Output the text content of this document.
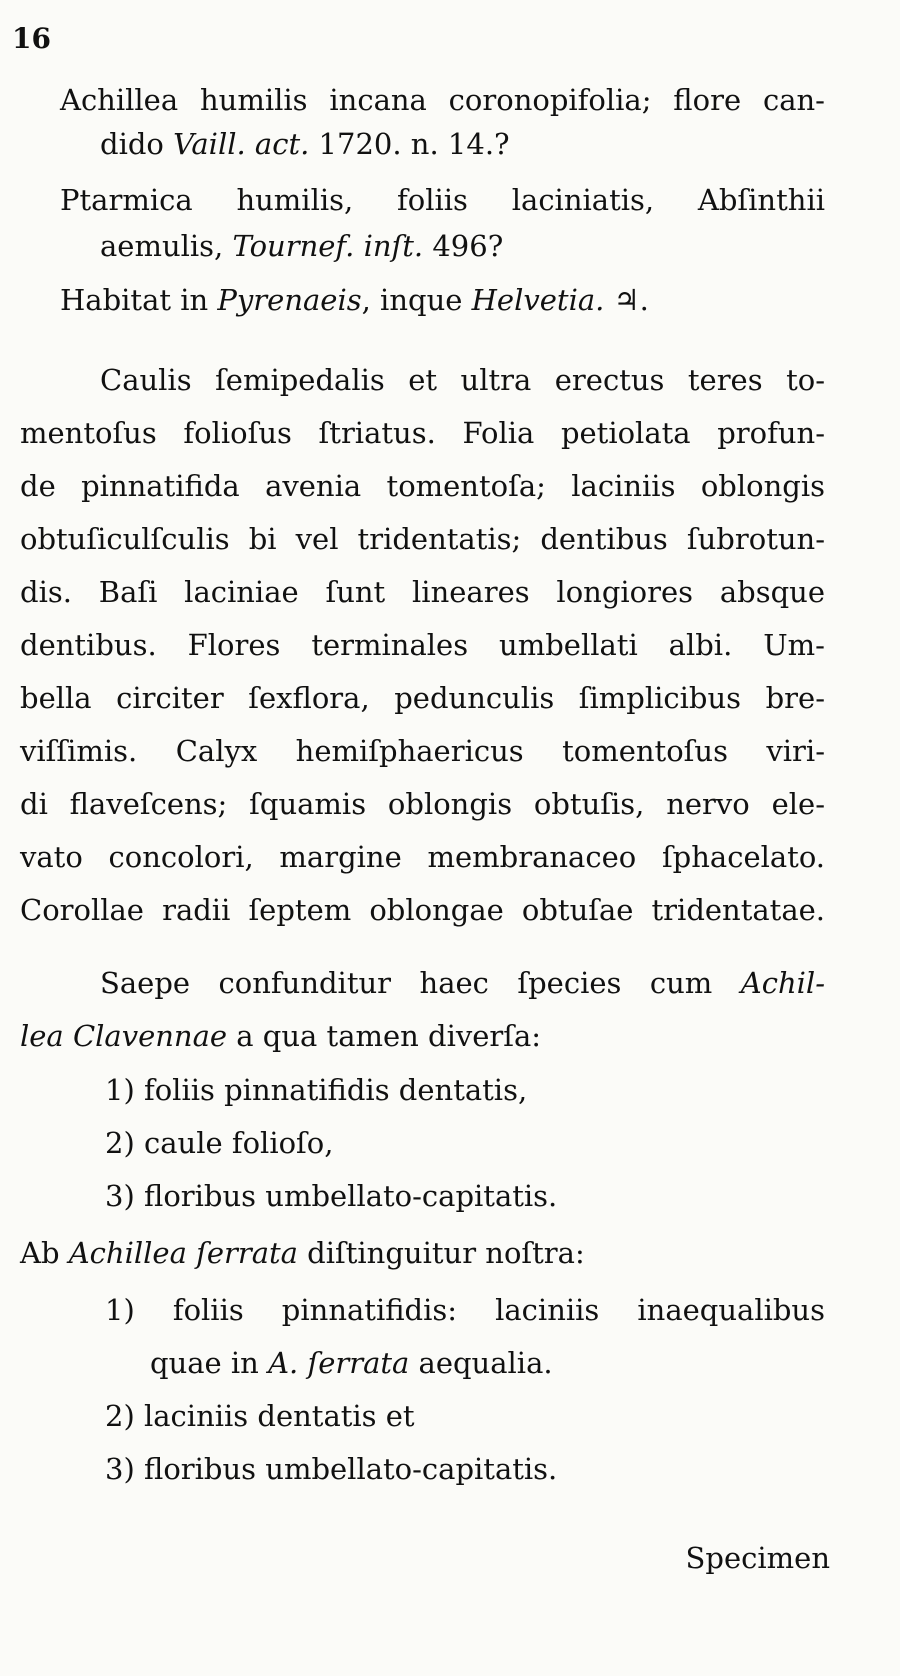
16
Achillea humilis incana coronopifolia; flore can-
dido Vaill. act. 1720. n. 14.?
Ptarmica humilis, foliis laciniatis, Abſinthii
aemulis, Tournef. inſt. 496?
Habitat in Pyrenaeis, inque Helvetia. ♃.
Caulis ſemipedalis et ultra erectus teres to-
mentoſus folioſus ſtriatus. Folia petiolata profun-
de pinnatifida avenia tomentoſa; laciniis oblongis
obtuſiculſculis bi vel tridentatis; dentibus ſubrotun-
dis. Baſi laciniae ſunt lineares longiores absque
dentibus. Flores terminales umbellati albi. Um-
bella circiter ſexflora, pedunculis ſimplicibus bre-
viſſimis. Calyx hemiſphaericus tomentoſus viri-
di flaveſcens; ſquamis oblongis obtuſis, nervo ele-
vato concolori, margine membranaceo ſphacelato.
Corollae radii ſeptem oblongae obtuſae tridentatae.
Saepe confunditur haec ſpecies cum Achil-
lea Clavennae a qua tamen diverſa:
1) foliis pinnatifidis dentatis,
2) caule folioſo,
3) floribus umbellato-capitatis.
Ab Achillea ſerrata diſtinguitur noſtra:
1) foliis pinnatifidis: laciniis inaequalibus
quae in A. ſerrata aequalia.
2) laciniis dentatis et
3) floribus umbellato-capitatis.
Specimen
